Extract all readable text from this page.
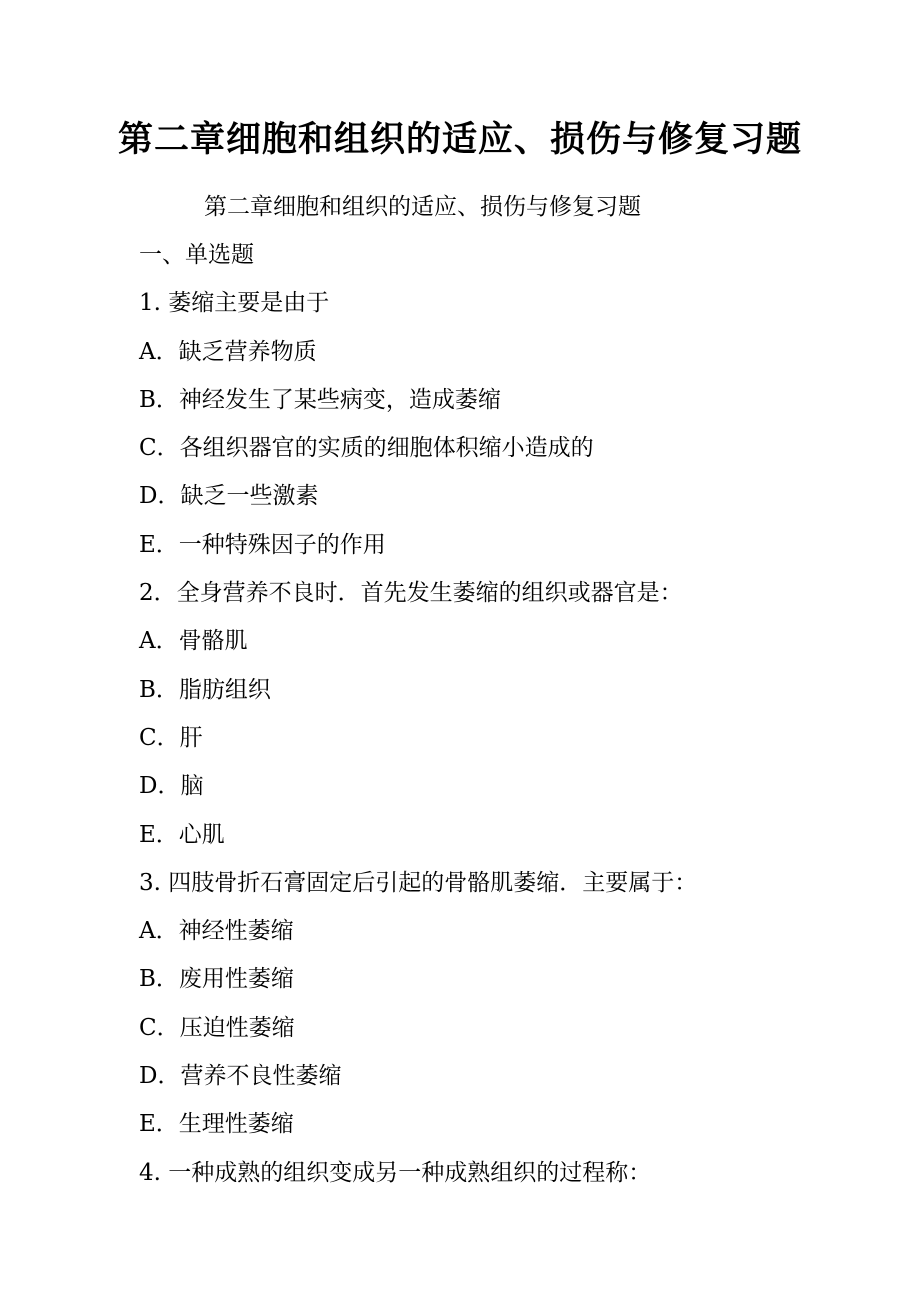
第二章细胞和组织的适应、损伤与修复习题
第二章细胞和组织的适应、损伤与修复习题
一、单选题
1. 萎缩主要是由于
A．缺乏营养物质
B．神经发生了某些病变，造成萎缩
C．各组织器官的实质的细胞体积缩小造成的
D．缺乏一些激素
E．一种特殊因子的作用
2．全身营养不良时．首先发生萎缩的组织或器官是：
A．骨骼肌
B．脂肪组织
C．肝
D．脑
E．心肌
3. 四肢骨折石膏固定后引起的骨骼肌萎缩．主要属于：
A．神经性萎缩
B．废用性萎缩
C．压迫性萎缩
D．营养不良性萎缩
E．生理性萎缩
4. 一种成熟的组织变成另一种成熟组织的过程称：
